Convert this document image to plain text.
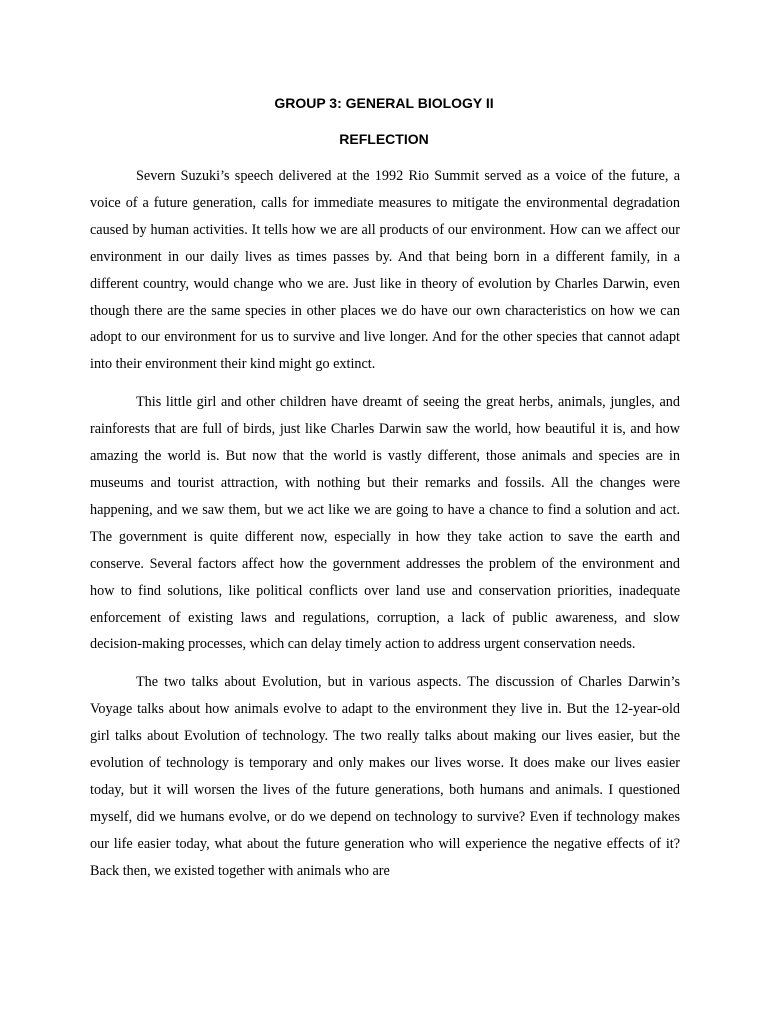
GROUP 3: GENERAL BIOLOGY II
REFLECTION

Severn Suzuki’s speech delivered at the 1992 Rio Summit served as a voice of the future, a voice of a future generation, calls for immediate measures to mitigate the environmental degradation caused by human activities. It tells how we are all products of our environment. How can we affect our environment in our daily lives as times passes by. And that being born in a different family, in a different country, would change who we are. Just like in theory of evolution by Charles Darwin, even though there are the same species in other places we do have our own characteristics on how we can adopt to our environment for us to survive and live longer. And for the other species that cannot adapt into their environment their kind might go extinct.

This little girl and other children have dreamt of seeing the great herbs, animals, jungles, and rainforests that are full of birds, just like Charles Darwin saw the world, how beautiful it is, and how amazing the world is. But now that the world is vastly different, those animals and species are in museums and tourist attraction, with nothing but their remarks and fossils. All the changes were happening, and we saw them, but we act like we are going to have a chance to find a solution and act. The government is quite different now, especially in how they take action to save the earth and conserve. Several factors affect how the government addresses the problem of the environment and how to find solutions, like political conflicts over land use and conservation priorities, inadequate enforcement of existing laws and regulations, corruption, a lack of public awareness, and slow decision-making processes, which can delay timely action to address urgent conservation needs.

The two talks about Evolution, but in various aspects. The discussion of Charles Darwin’s Voyage talks about how animals evolve to adapt to the environment they live in. But the 12-year-old girl talks about Evolution of technology. The two really talks about making our lives easier, but the evolution of technology is temporary and only makes our lives worse. It does make our lives easier today, but it will worsen the lives of the future generations, both humans and animals. I questioned myself, did we humans evolve, or do we depend on technology to survive? Even if technology makes our life easier today, what about the future generation who will experience the negative effects of it? Back then, we existed together with animals who are
